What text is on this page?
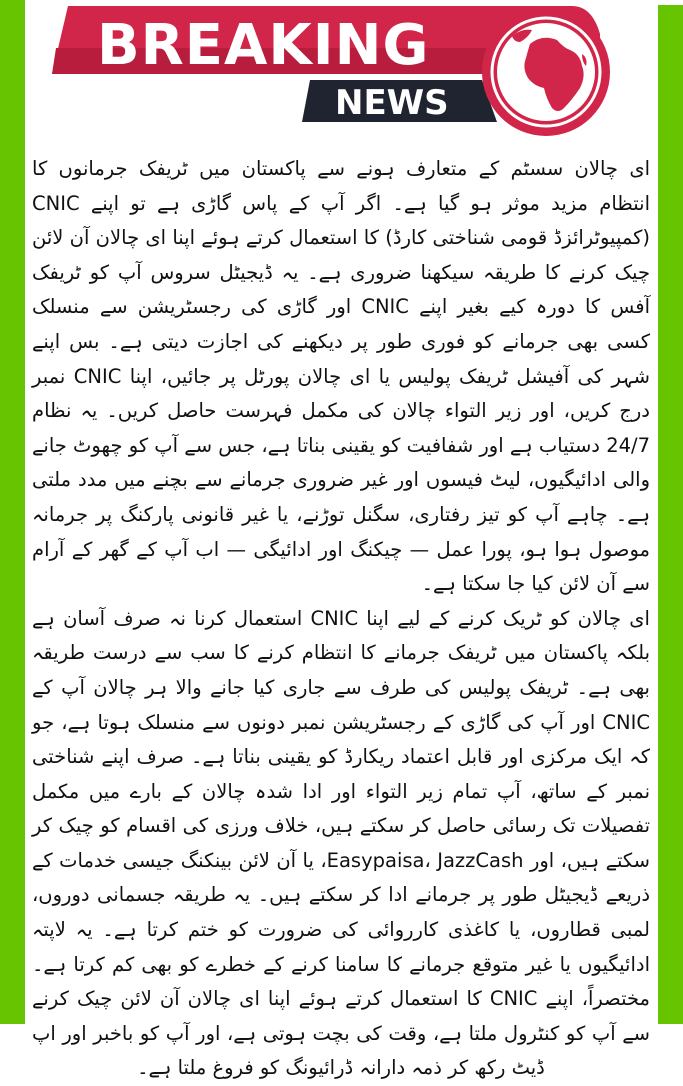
BREAKING
NEWS

ای چالان سسٹم کے متعارف ہونے سے پاکستان میں ٹریفک جرمانوں کا انتظام مزید موثر ہو گیا ہے۔ اگر آپ کے پاس گاڑی ہے تو اپنے CNIC (کمپیوٹرائزڈ قومی شناختی کارڈ) کا استعمال کرتے ہوئے اپنا ای چالان آن لائن چیک کرنے کا طریقہ سیکھنا ضروری ہے۔ یہ ڈیجیٹل سروس آپ کو ٹریفک آفس کا دورہ کیے بغیر اپنے CNIC اور گاڑی کی رجسٹریشن سے منسلک کسی بھی جرمانے کو فوری طور پر دیکھنے کی اجازت دیتی ہے۔ بس اپنے شہر کی آفیشل ٹریفک پولیس یا ای چالان پورٹل پر جائیں، اپنا CNIC نمبر درج کریں، اور زیر التواء چالان کی مکمل فہرست حاصل کریں۔ یہ نظام 24/7 دستیاب ہے اور شفافیت کو یقینی بناتا ہے، جس سے آپ کو چھوٹ جانے والی ادائیگیوں، لیٹ فیسوں اور غیر ضروری جرمانے سے بچنے میں مدد ملتی ہے۔ چاہے آپ کو تیز رفتاری، سگنل توڑنے، یا غیر قانونی پارکنگ پر جرمانہ موصول ہوا ہو، پورا عمل — چیکنگ اور ادائیگی — اب آپ کے گھر کے آرام سے آن لائن کیا جا سکتا ہے۔

ای چالان کو ٹریک کرنے کے لیے اپنا CNIC استعمال کرنا نہ صرف آسان ہے بلکہ پاکستان میں ٹریفک جرمانے کا انتظام کرنے کا سب سے درست طریقہ بھی ہے۔ ٹریفک پولیس کی طرف سے جاری کیا جانے والا ہر چالان آپ کے CNIC اور آپ کی گاڑی کے رجسٹریشن نمبر دونوں سے منسلک ہوتا ہے، جو کہ ایک مرکزی اور قابل اعتماد ریکارڈ کو یقینی بناتا ہے۔ صرف اپنے شناختی نمبر کے ساتھ، آپ تمام زیر التواء اور ادا شدہ چالان کے بارے میں مکمل تفصیلات تک رسائی حاصل کر سکتے ہیں، خلاف ورزی کی اقسام کو چیک کر سکتے ہیں، اور Easypaisa، JazzCash، یا آن لائن بینکنگ جیسی خدمات کے ذریعے ڈیجیٹل طور پر جرمانے ادا کر سکتے ہیں۔ یہ طریقہ جسمانی دوروں، لمبی قطاروں، یا کاغذی کارروائی کی ضرورت کو ختم کرتا ہے۔ یہ لاپتہ ادائیگیوں یا غیر متوقع جرمانے کا سامنا کرنے کے خطرے کو بھی کم کرتا ہے۔ مختصراً، اپنے CNIC کا استعمال کرتے ہوئے اپنا ای چالان آن لائن چیک کرنے سے آپ کو کنٹرول ملتا ہے، وقت کی بچت ہوتی ہے، اور آپ کو باخبر اور اپ ڈیٹ رکھ کر ذمہ دارانہ ڈرائیونگ کو فروغ ملتا ہے۔
